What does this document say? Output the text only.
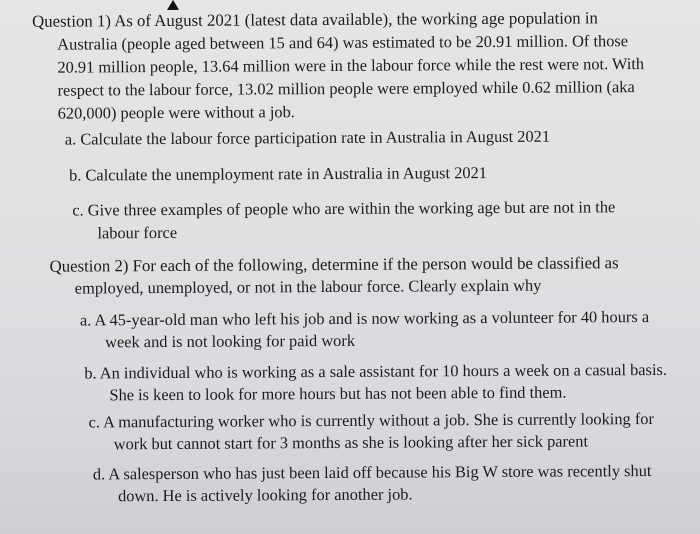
Question 1) As of August 2021 (latest data available), the working age population in
Australia (people aged between 15 and 64) was estimated to be 20.91 million. Of those
20.91 million people, 13.64 million were in the labour force while the rest were not. With
respect to the labour force, 13.02 million people were employed while 0.62 million (aka
620,000) people were without a job.
a. Calculate the labour force participation rate in Australia in August 2021
b. Calculate the unemployment rate in Australia in August 2021
c. Give three examples of people who are within the working age but are not in the
labour force
Question 2) For each of the following, determine if the person would be classified as
employed, unemployed, or not in the labour force. Clearly explain why
a. A 45-year-old man who left his job and is now working as a volunteer for 40 hours a
week and is not looking for paid work
b. An individual who is working as a sale assistant for 10 hours a week on a casual basis.
She is keen to look for more hours but has not been able to find them.
c. A manufacturing worker who is currently without a job. She is currently looking for
work but cannot start for 3 months as she is looking after her sick parent
d. A salesperson who has just been laid off because his Big W store was recently shut
down. He is actively looking for another job.
